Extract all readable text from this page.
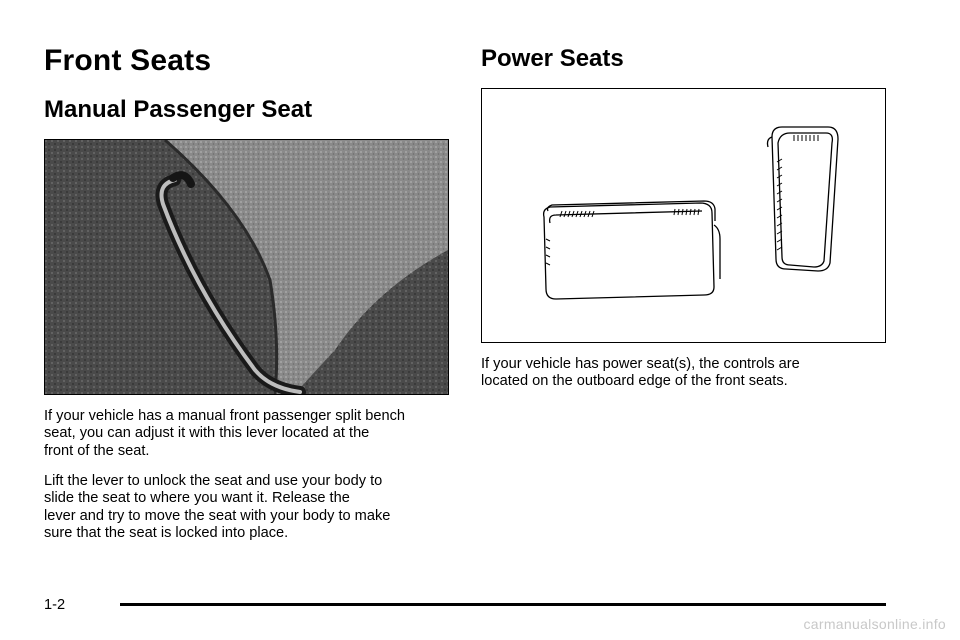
Front Seats
Manual Passenger Seat

If your vehicle has a manual front passenger split bench
seat, you can adjust it with this lever located at the
front of the seat.

Lift the lever to unlock the seat and use your body to
slide the seat to where you want it. Release the
lever and try to move the seat with your body to make
sure that the seat is locked into place.

Power Seats

If your vehicle has power seat(s), the controls are
located on the outboard edge of the front seats.

1-2
carmanualsonline.info
